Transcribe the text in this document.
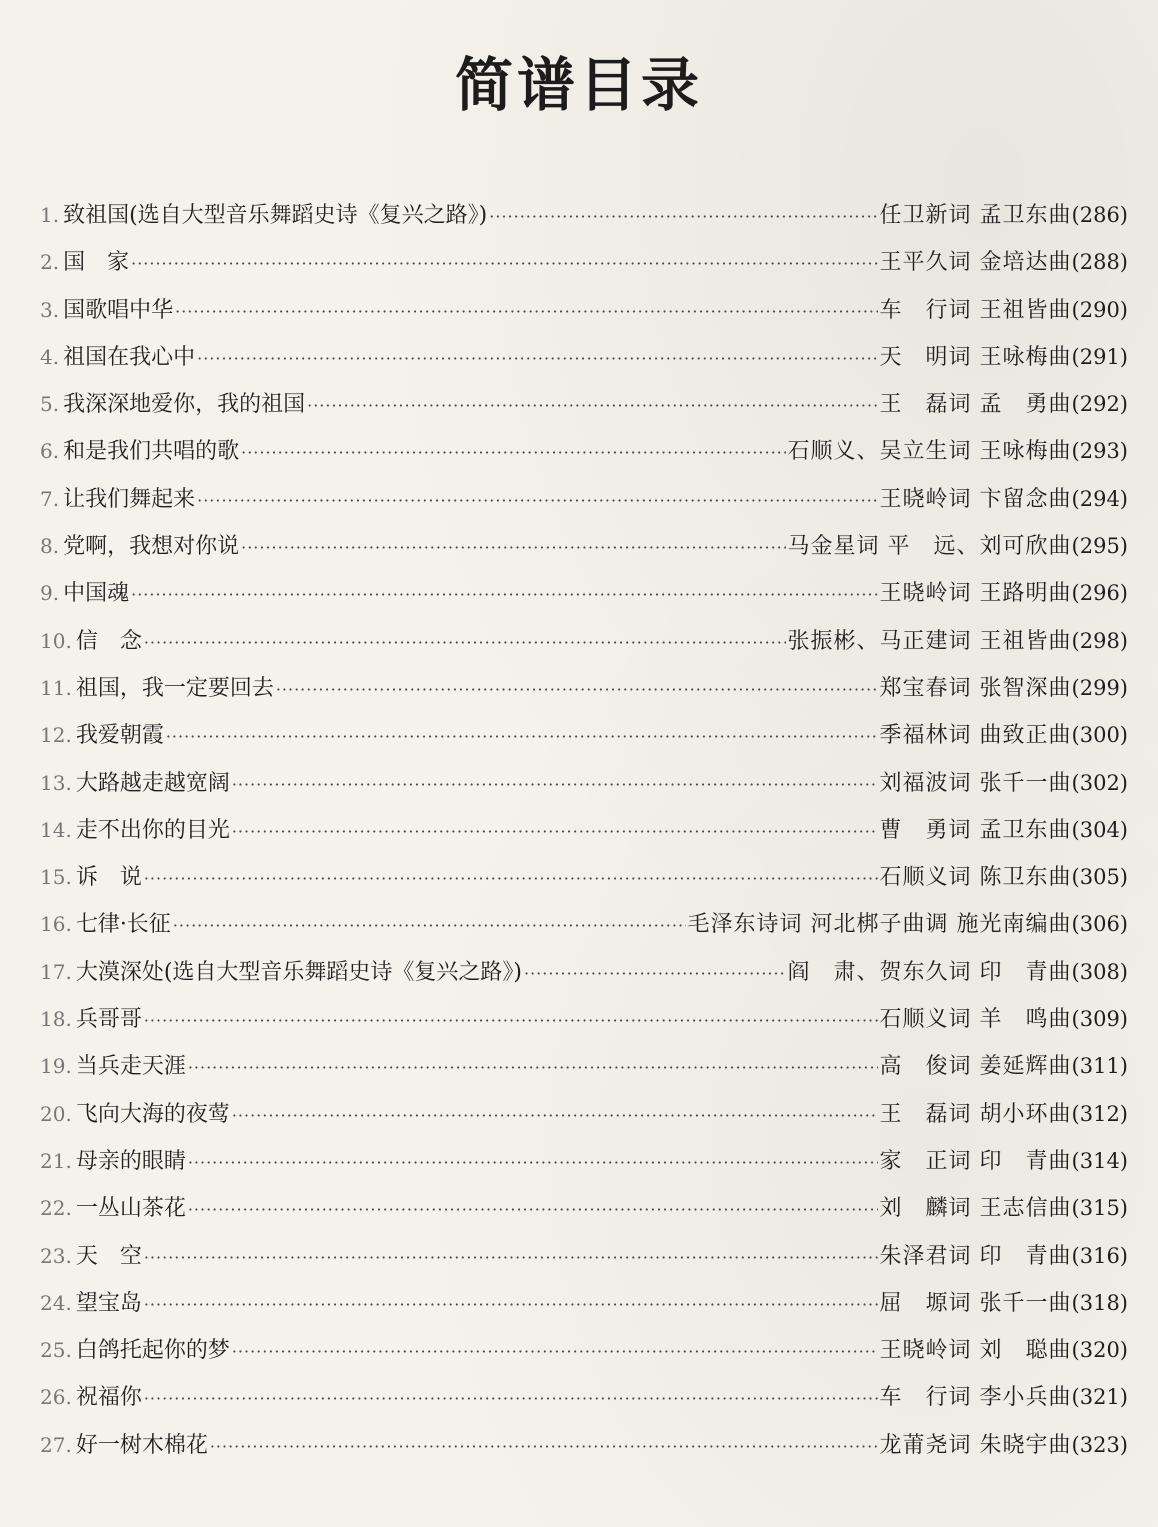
简谱目录
1. 致祖国(选自大型音乐舞蹈史诗《复兴之路》) ·····	任卫新词 孟卫东曲 (286)
2. 国　家 ·····	王平久词 金培达曲 (288)
3. 国歌唱中华 ·····	车　行词 王祖皆曲 (290)
4. 祖国在我心中 ·····	天　明词 王咏梅曲 (291)
5. 我深深地爱你，我的祖国 ·····	王　磊词 孟　勇曲 (292)
6. 和是我们共唱的歌 ·····	石顺义、吴立生词 王咏梅曲 (293)
7. 让我们舞起来 ·····	王晓岭词 卞留念曲 (294)
8. 党啊，我想对你说 ·····	马金星词 平　远、刘可欣曲 (295)
9. 中国魂 ·····	王晓岭词 王路明曲 (296)
10. 信　念 ·····	张振彬、马正建词 王祖皆曲 (298)
11. 祖国，我一定要回去 ·····	郑宝春词 张智深曲 (299)
12. 我爱朝霞 ·····	季福林词 曲致正曲 (300)
13. 大路越走越宽阔 ·····	刘福波词 张千一曲 (302)
14. 走不出你的目光 ·····	曹　勇词 孟卫东曲 (304)
15. 诉　说 ·····	石顺义词 陈卫东曲 (305)
16. 七律·长征 ·····	毛泽东诗词 河北梆子曲调 施光南编曲 (306)
17. 大漠深处(选自大型音乐舞蹈史诗《复兴之路》) ·····	阎　肃、贺东久词 印　青曲 (308)
18. 兵哥哥 ·····	石顺义词 羊　鸣曲 (309)
19. 当兵走天涯 ·····	高　俊词 姜延辉曲 (311)
20. 飞向大海的夜莺 ·····	王　磊词 胡小环曲 (312)
21. 母亲的眼睛 ·····	家　正词 印　青曲 (314)
22. 一丛山茶花 ·····	刘　麟词 王志信曲 (315)
23. 天　空 ·····	朱泽君词 印　青曲 (316)
24. 望宝岛 ·····	屈　塬词 张千一曲 (318)
25. 白鸽托起你的梦 ·····	王晓岭词 刘　聪曲 (320)
26. 祝福你 ·····	车　行词 李小兵曲 (321)
27. 好一树木棉花 ·····	龙莆尧词 朱晓宇曲 (323)
